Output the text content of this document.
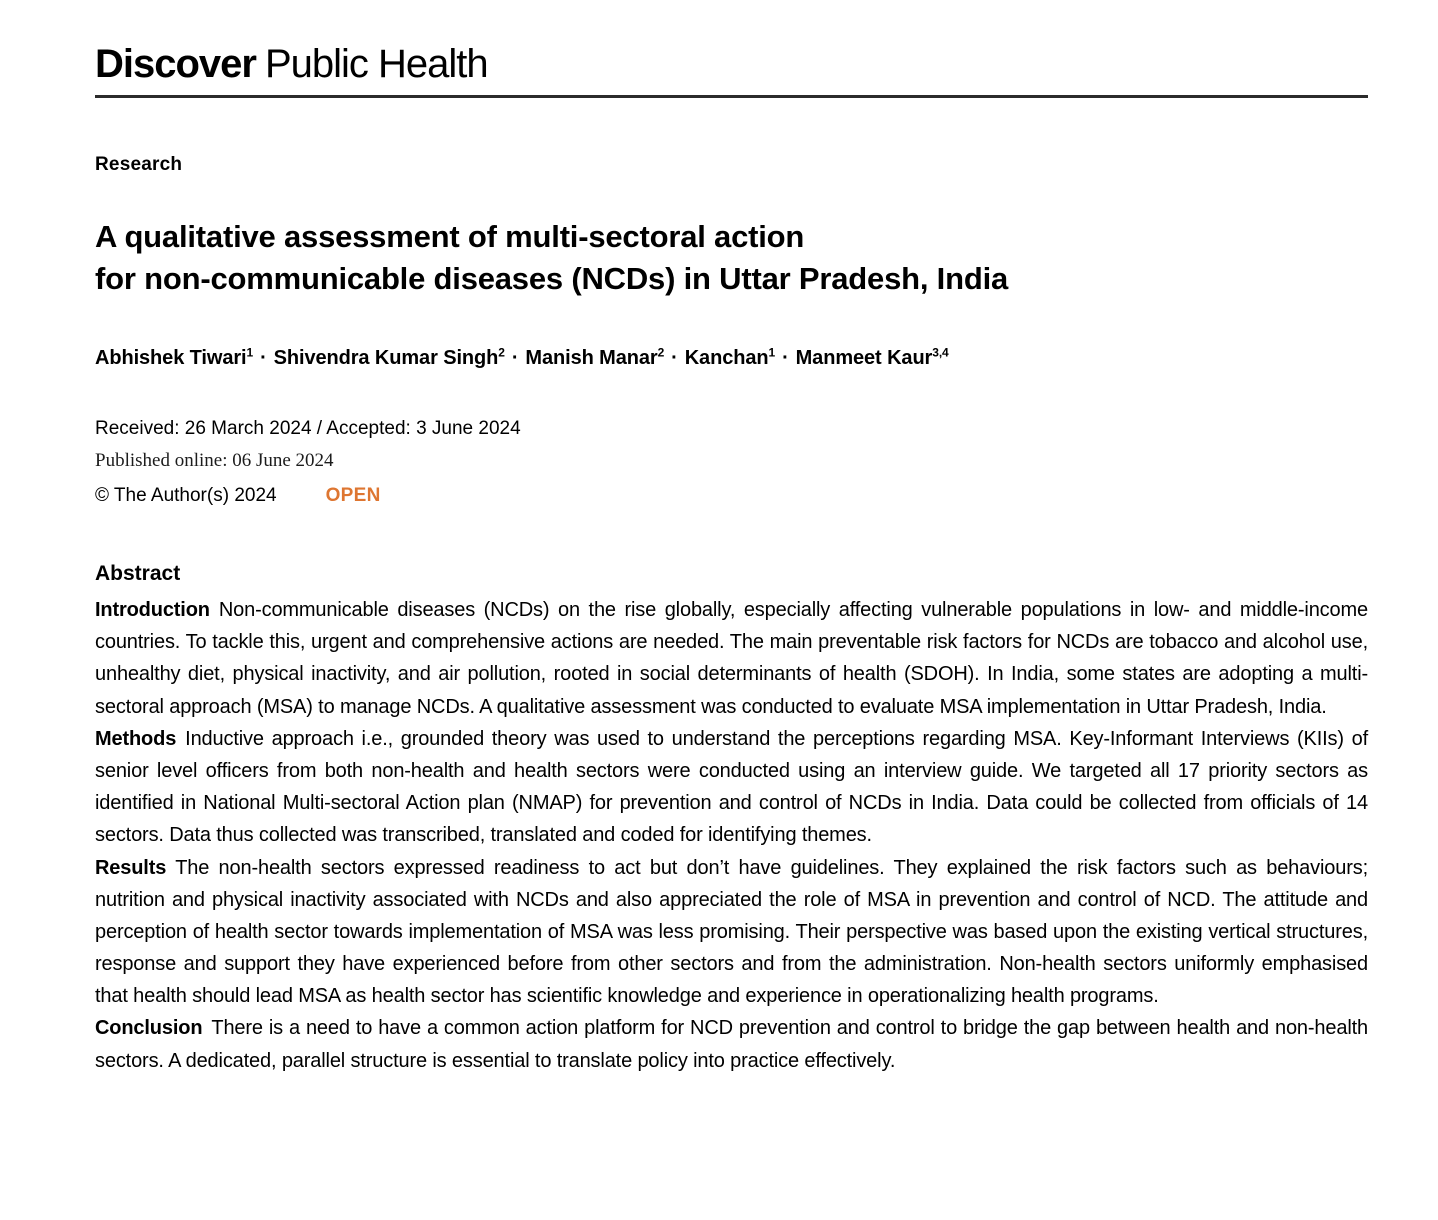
Discover Public Health
Research
A qualitative assessment of multi-sectoral action
for non-communicable diseases (NCDs) in Uttar Pradesh, India
Abhishek Tiwari$^1$ · Shivendra Kumar Singh$^2$ · Manish Manar$^2$ · Kanchan$^1$ · Manmeet Kaur$^{3,4}$

Received: 26 March 2024 / Accepted: 3 June 2024

Published online: 06 June 2024

© The Author(s) 2024	OPEN

Abstract

Introduction Non-communicable diseases (NCDs) on the rise globally, especially affecting vulnerable populations in low- and middle-income countries. To tackle this, urgent and comprehensive actions are needed. The main preventable risk factors for NCDs are tobacco and alcohol use, unhealthy diet, physical inactivity, and air pollution, rooted in social determinants of health (SDOH). In India, some states are adopting a multi-sectoral approach (MSA) to manage NCDs. A qualitative assessment was conducted to evaluate MSA implementation in Uttar Pradesh, India.

Methods Inductive approach i.e., grounded theory was used to understand the perceptions regarding MSA. Key-Informant Interviews (KIIs) of senior level officers from both non-health and health sectors were conducted using an interview guide. We targeted all 17 priority sectors as identified in National Multi-sectoral Action plan (NMAP) for prevention and control of NCDs in India. Data could be collected from officials of 14 sectors. Data thus collected was transcribed, translated and coded for identifying themes.

Results The non-health sectors expressed readiness to act but don’t have guidelines. They explained the risk factors such as behaviours; nutrition and physical inactivity associated with NCDs and also appreciated the role of MSA in prevention and control of NCD. The attitude and perception of health sector towards implementation of MSA was less promising. Their perspective was based upon the existing vertical structures, response and support they have experienced before from other sectors and from the administration. Non-health sectors uniformly emphasised that health should lead MSA as health sector has scientific knowledge and experience in operationalizing health programs.

Conclusion There is a need to have a common action platform for NCD prevention and control to bridge the gap between health and non-health sectors. A dedicated, parallel structure is essential to translate policy into practice effectively.
